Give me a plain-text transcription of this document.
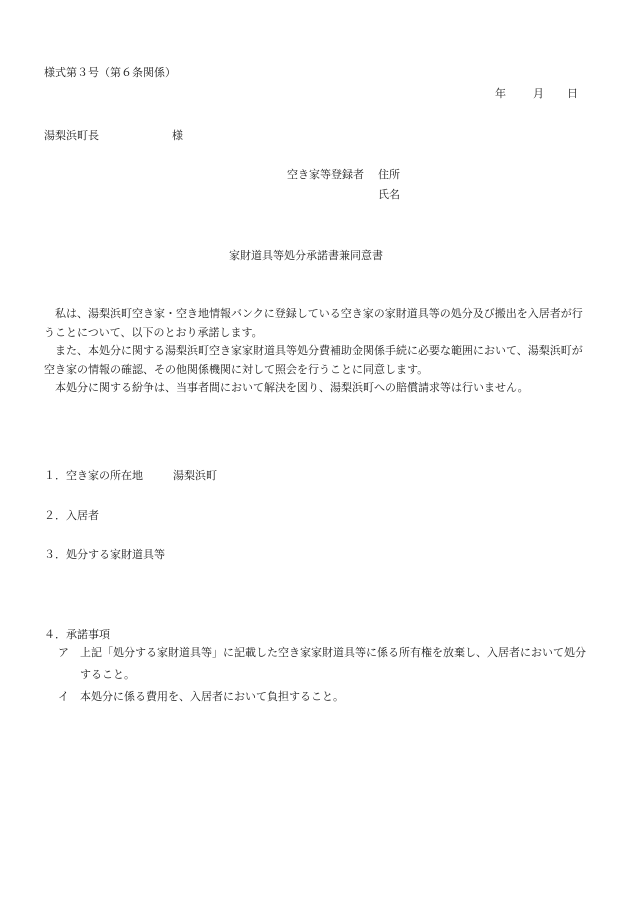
様式第３号（第６条関係）
年 月 日
湯梨浜町長	様
空き家等登録者 住所
氏名
家財道具等処分承諾書兼同意書

私は、湯梨浜町空き家・空き地情報バンクに登録している空き家の家財道具等の処分及び搬出を入居者が行うことについて、以下のとおり承諾します。

また、本処分に関する湯梨浜町空き家家財道具等処分費補助金関係手続に必要な範囲において、湯梨浜町が空き家の情報の確認、その他関係機関に対して照会を行うことに同意します。

本処分に関する紛争は、当事者間において解決を図り、湯梨浜町への賠償請求等は行いません。

１．空き家の所在地	湯梨浜町
２．入居者
３．処分する家財道具等
４．承諾事項
ア	上記「処分する家財道具等」に記載した空き家家財道具等に係る所有権を放棄し、入居者において処分すること。
イ	本処分に係る費用を、入居者において負担すること。
